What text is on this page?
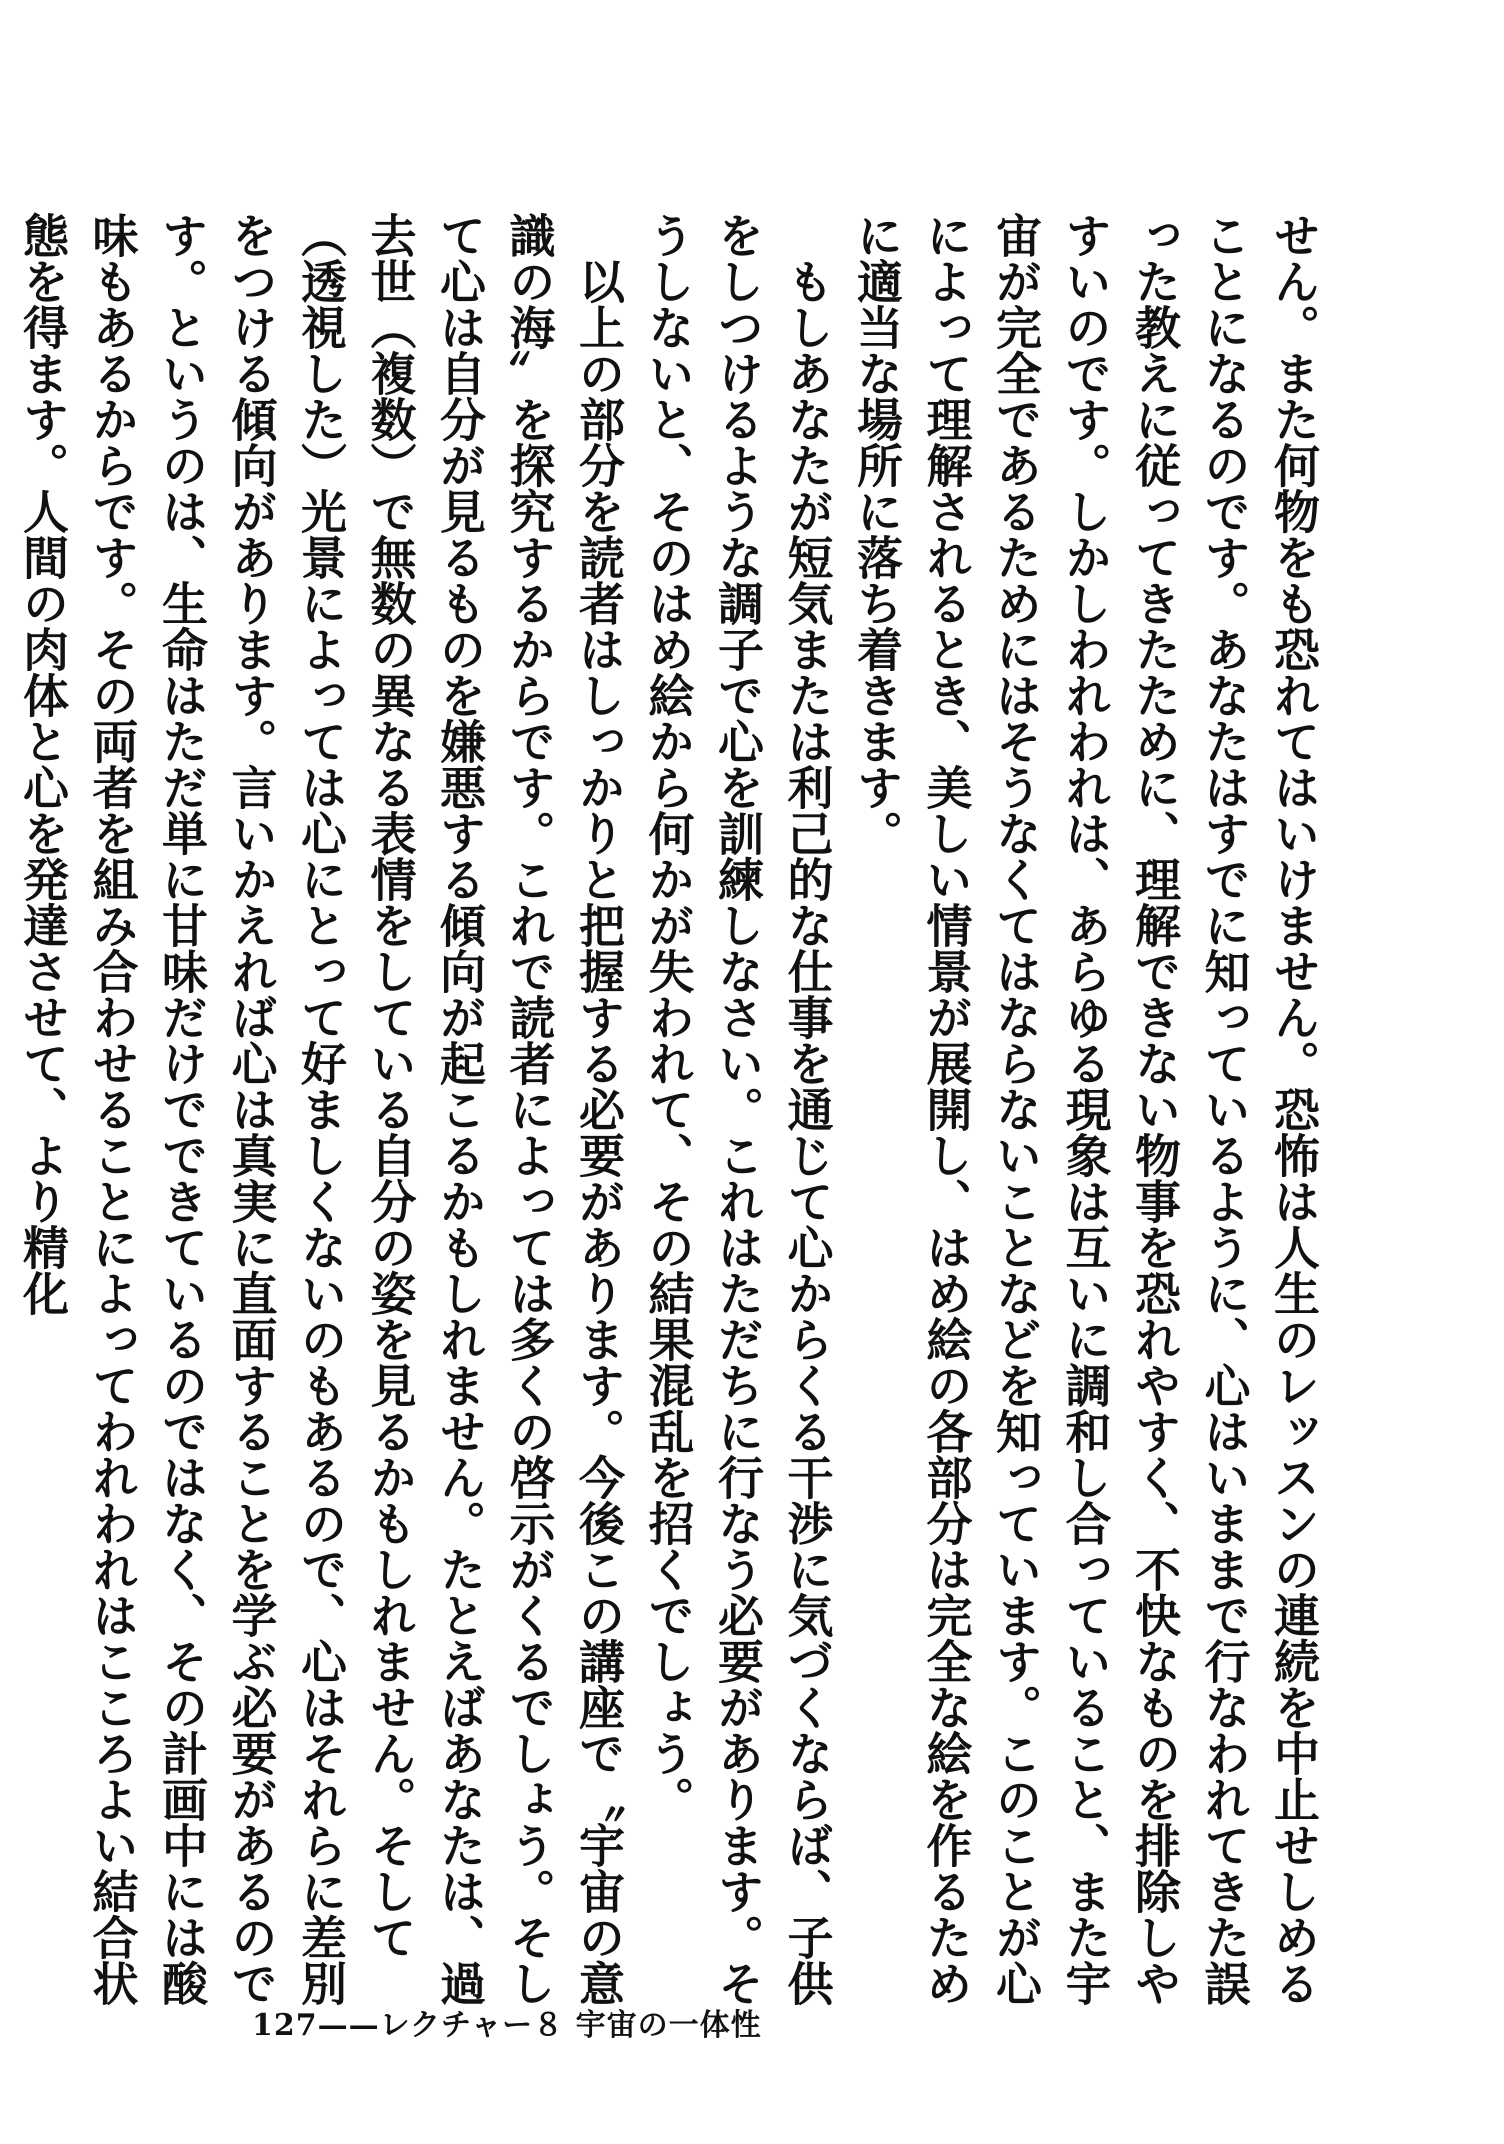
せん。また何物をも恐れてはいけません。恐怖は人生のレッスンの連続を中止せしめることになるのです。あなたはすでに知っているように、心はいままで行なわれてきた誤った教えに従ってきたために、理解できない物事を恐れやすく、不快なものを排除しやすいのです。しかしわれわれは、あらゆる現象は互いに調和し合っていること、また宇宙が完全であるためにはそうなくてはならないことなどを知っています。このことが心によって理解されるとき、美しい情景が展開し、はめ絵の各部分は完全な絵を作るために適当な場所に落ち着きます。
もしあなたが短気または利己的な仕事を通じて心からくる干渉に気づくならば、子供をしつけるような調子で心を訓練しなさい。これはただちに行なう必要があります。そうしないと、そのはめ絵から何かが失われて、その結果混乱を招くでしょう。
以上の部分を読者はしっかりと把握する必要があります。今後この講座で〝宇宙の意識の海〟を探究するからです。これで読者によっては多くの啓示がくるでしょう。そして心は自分が見るものを嫌悪する傾向が起こるかもしれません。たとえばあなたは、過去世（複数）で無数の異なる表情をしている自分の姿を見るかもしれません。そして（透視した）光景によっては心にとって好ましくないのもあるので、心はそれらに差別をつける傾向があります。言いかえれば心は真実に直面することを学ぶ必要があるのです。というのは、生命はただ単に甘味だけでできているのではなく、その計画中には酸味もあるからです。その両者を組み合わせることによってわれわれはこころよい結合状態を得ます。人間の肉体と心を発達させて、より精化
127——レクチャー８ 宇宙の一体性
